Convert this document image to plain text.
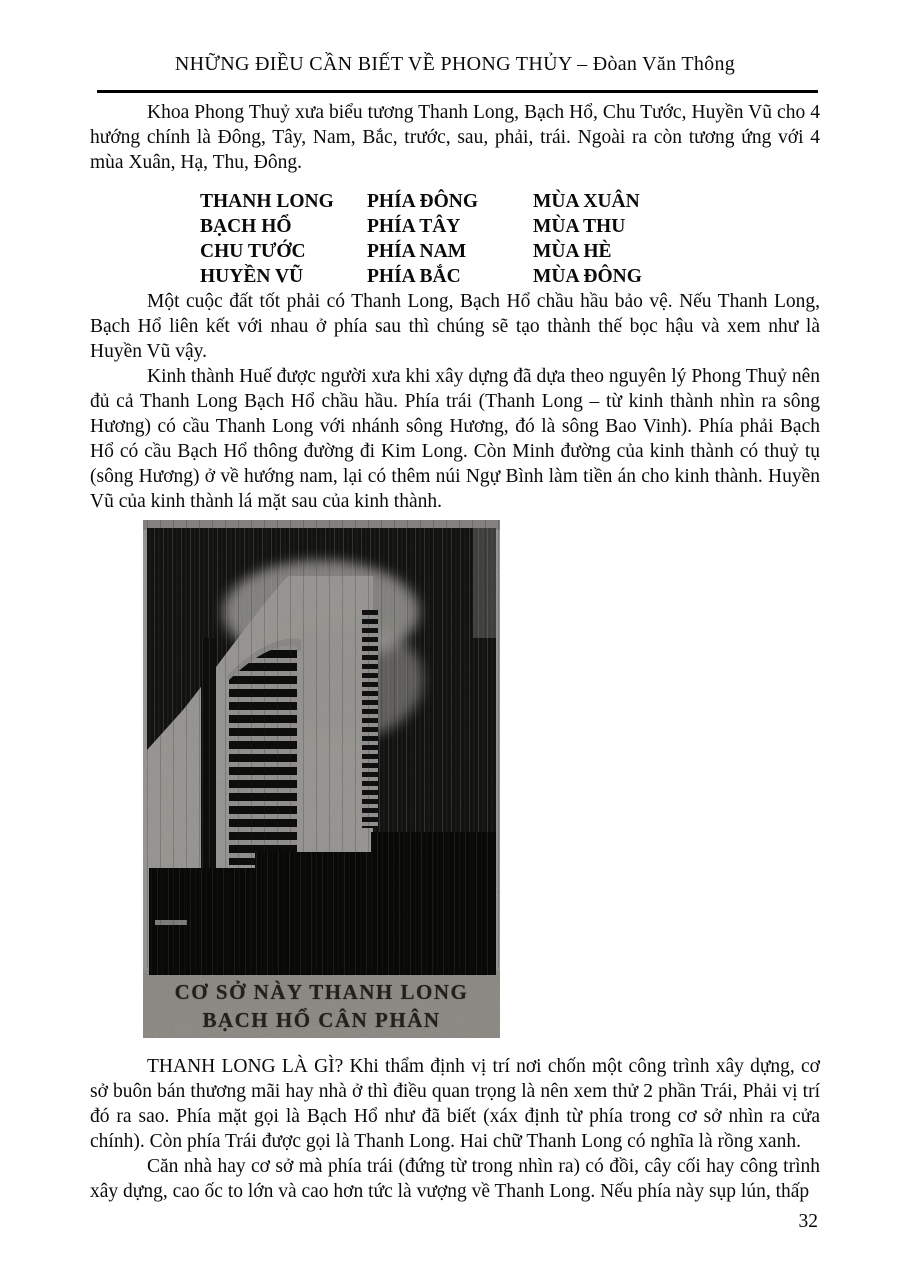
NHỮNG ĐIỀU CẦN BIẾT VỀ PHONG THỦY – Đòan Văn Thông

Khoa Phong Thuỷ xưa biểu tương Thanh Long, Bạch Hổ, Chu Tước, Huyền Vũ cho 4 hướng chính là Đông, Tây, Nam, Bắc, trước, sau, phải, trái. Ngoài ra còn tương ứng với 4 mùa Xuân, Hạ, Thu, Đông.

THANH LONG	PHÍA ĐÔNG	MÙA XUÂN
BẠCH HỔ	PHÍA TÂY	MÙA THU
CHU TƯỚC	PHÍA NAM	MÙA HÈ
HUYỀN VŨ	PHÍA BẮC	MÙA ĐÔNG

Một cuộc đất tốt phải có Thanh Long, Bạch Hổ chầu hầu bảo vệ. Nếu Thanh Long, Bạch Hổ liên kết với nhau ở phía sau thì chúng sẽ tạo thành thế bọc hậu và xem như là Huyền Vũ vậy.

Kinh thành Huế được người xưa khi xây dựng đã dựa theo nguyên lý Phong Thuỷ nên đủ cả Thanh Long Bạch Hổ chầu hầu. Phía trái (Thanh Long – từ kinh thành nhìn ra sông Hương) có cầu Thanh Long với nhánh sông Hương, đó là sông Bao Vinh). Phía phải Bạch Hổ có cầu Bạch Hổ thông đường đi Kim Long. Còn Minh đường của kinh thành có thuỷ tụ (sông Hương) ở về hướng nam, lại có thêm núi Ngự Bình làm tiền án cho kinh thành. Huyền Vũ của kinh thành lá mặt sau của kinh thành.

CƠ SỞ NÀY THANH LONG
BẠCH HỔ CÂN PHÂN

THANH LONG LÀ GÌ? Khi thẩm định vị trí nơi chốn một công trình xây dựng, cơ sở buôn bán thương mãi hay nhà ở thì điều quan trọng là nên xem thử 2 phần Trái, Phải vị trí đó ra sao. Phía mặt gọi là Bạch Hổ như đã biết (xáx định từ phía trong cơ sở nhìn ra cửa chính). Còn phía Trái được gọi là Thanh Long. Hai chữ Thanh Long có nghĩa là rồng xanh.

Căn nhà hay cơ sở mà phía trái (đứng từ trong nhìn ra) có đồi, cây cối hay công trình xây dựng, cao ốc to lớn và cao hơn tức là vượng về Thanh Long. Nếu phía này sụp lún, thấp

32
